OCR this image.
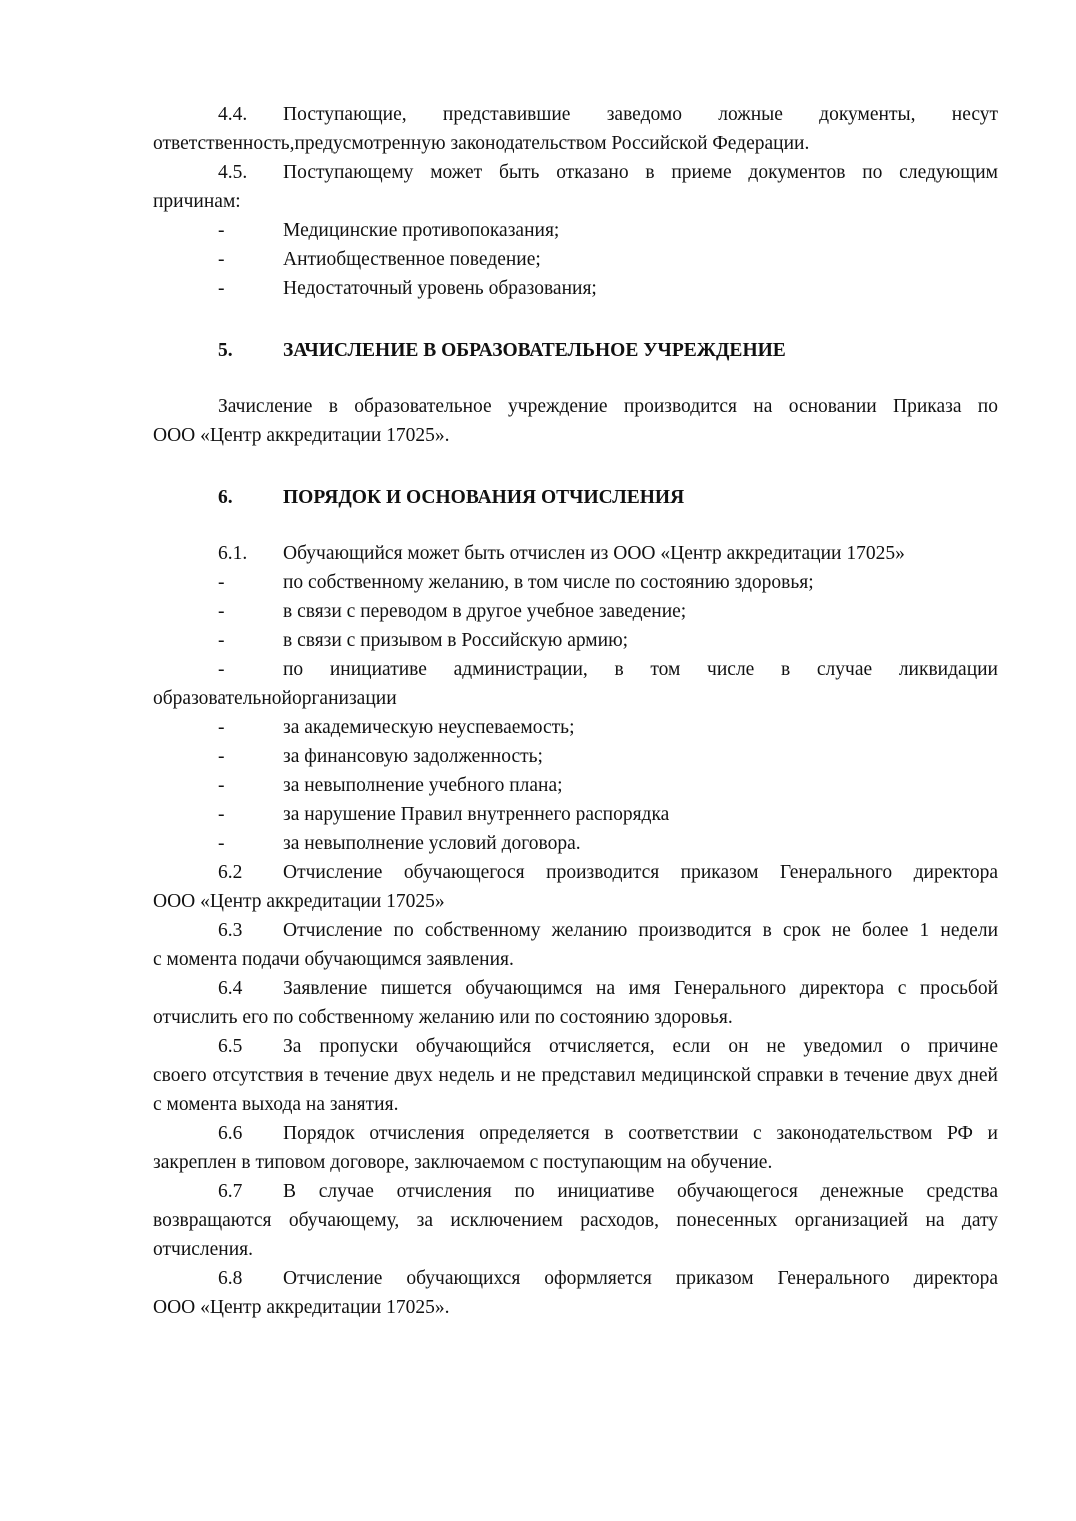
4.4. Поступающие, представившие заведомо ложные документы, несут

ответственность,предусмотренную законодательством Российской Федерации.

4.5. Поступающему может быть отказано в приеме документов по следующим

причинам:

-	Медицинские противопоказания;

-	Антиобщественное поведение;

-	Недостаточный уровень образования;

5.	ЗАЧИСЛЕНИЕ В ОБРАЗОВАТЕЛЬНОЕ УЧРЕЖДЕНИЕ

Зачисление в образовательное учреждение производится на основании Приказа по

ООО «Центр аккредитации 17025».

6.	ПОРЯДОК И ОСНОВАНИЯ ОТЧИСЛЕНИЯ

6.1. Обучающийся может быть отчислен из ООО «Центр аккредитации 17025»

-	по собственному желанию, в том числе по состоянию здоровья;

-	в связи с переводом в другое учебное заведение;

-	в связи с призывом в Российскую армию;

-	по инициативе администрации, в том числе в случае ликвидации

образовательнойорганизации

-	за академическую неуспеваемость;

-	за финансовую задолженность;

-	за невыполнение учебного плана;

-	за нарушение Правил внутреннего распорядка

-	за невыполнение условий договора.

6.2 Отчисление обучающегося производится приказом Генерального директора

ООО «Центр аккредитации 17025»

6.3 Отчисление по собственному желанию производится в срок не более 1 недели

с момента подачи обучающимся заявления.

6.4 Заявление пишется обучающимся на имя Генерального директора с просьбой

отчислить его по собственному желанию или по состоянию здоровья.

6.5 За пропуски обучающийся отчисляется, если он не уведомил о причине

своего отсутствия в течение двух недель и не представил медицинской справки в течение двух дней с момента выхода на занятия.

6.6 Порядок отчисления определяется в соответствии с законодательством РФ и

закреплен в типовом договоре, заключаемом с поступающим на обучение.

6.7 В случае отчисления по инициативе обучающегося денежные средства

возвращаются обучающему, за исключением расходов, понесенных организацией на дату отчисления.

6.8 Отчисление обучающихся оформляется приказом Генерального директора

ООО «Центр аккредитации 17025».
